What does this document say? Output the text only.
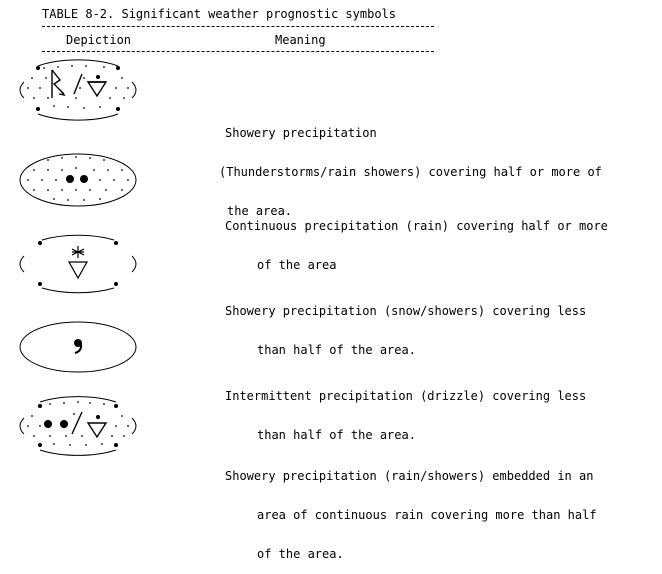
TABLE 8-2. Significant weather prognostic symbols
Depiction	Meaning

Showery precipitation

(Thunderstorms/rain showers) covering half or more of

the area.

Continuous precipitation (rain) covering half or more

of the area

Showery precipitation (snow/showers) covering less

than half of the area.

Intermittent precipitation (drizzle) covering less

than half of the area.

Showery precipitation (rain/showers) embedded in an

area of continuous rain covering more than half

of the area.
